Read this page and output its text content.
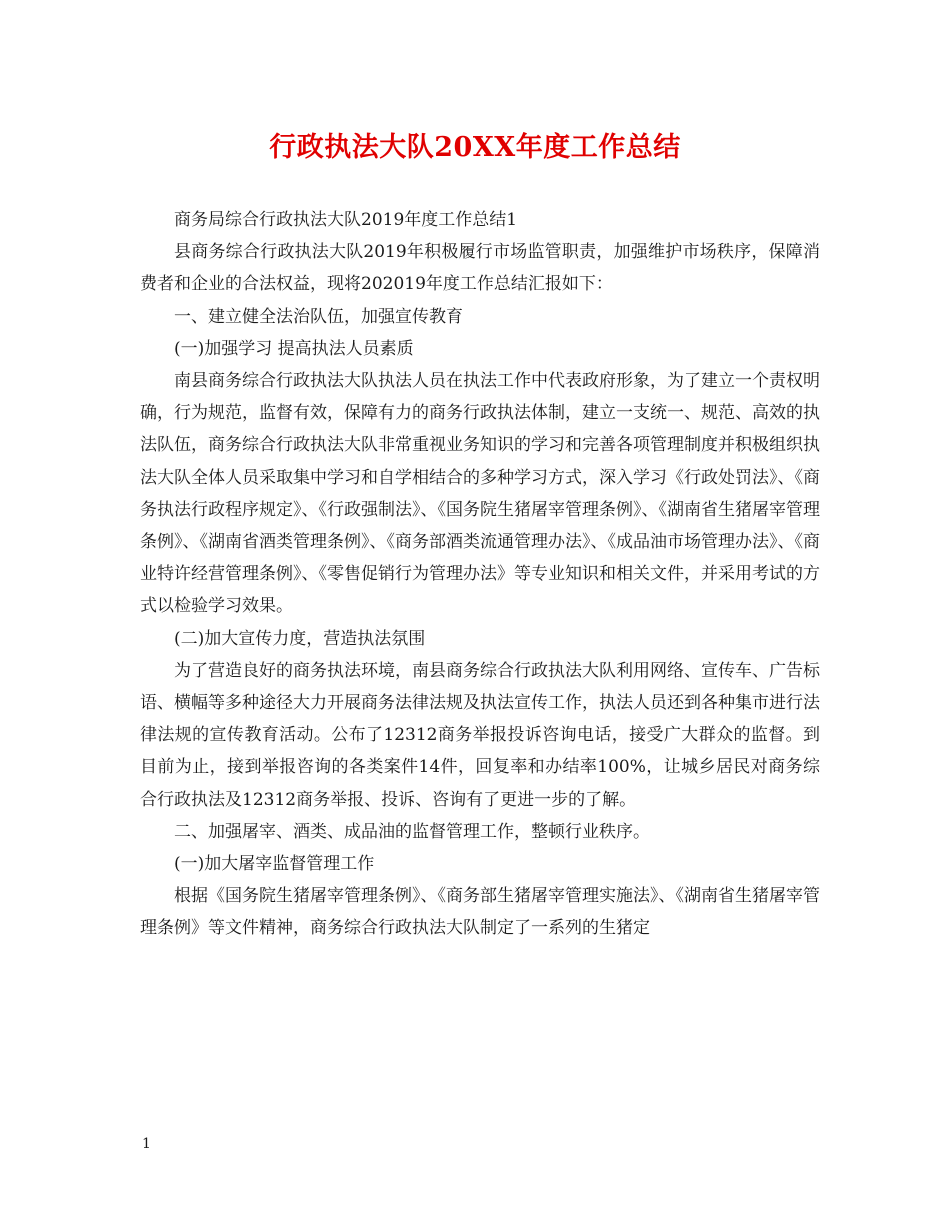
行政执法大队20XX年度工作总结

商务局综合行政执法大队2019年度工作总结1

县商务综合行政执法大队2019年积极履行市场监管职责，加强维护市场秩序，保障消费者和企业的合法权益，现将202019年度工作总结汇报如下：

一、建立健全法治队伍，加强宣传教育

(一)加强学习 提高执法人员素质

南县商务综合行政执法大队执法人员在执法工作中代表政府形象，为了建立一个责权明确，行为规范，监督有效，保障有力的商务行政执法体制，建立一支统一、规范、高效的执法队伍，商务综合行政执法大队非常重视业务知识的学习和完善各项管理制度并积极组织执法大队全体人员采取集中学习和自学相结合的多种学习方式，深入学习《行政处罚法》、《商务执法行政程序规定》、《行政强制法》、《国务院生猪屠宰管理条例》、《湖南省生猪屠宰管理条例》、《湖南省酒类管理条例》、《商务部酒类流通管理办法》、《成品油市场管理办法》、《商业特许经营管理条例》、《零售促销行为管理办法》等专业知识和相关文件，并采用考试的方式以检验学习效果。

(二)加大宣传力度，营造执法氛围

为了营造良好的商务执法环境，南县商务综合行政执法大队利用网络、宣传车、广告标语、横幅等多种途径大力开展商务法律法规及执法宣传工作，执法人员还到各种集市进行法律法规的宣传教育活动。公布了12312商务举报投诉咨询电话，接受广大群众的监督。到目前为止，接到举报咨询的各类案件14件，回复率和办结率100%，让城乡居民对商务综合行政执法及12312商务举报、投诉、咨询有了更进一步的了解。

二、加强屠宰、酒类、成品油的监督管理工作，整顿行业秩序。

(一)加大屠宰监督管理工作

根据《国务院生猪屠宰管理条例》、《商务部生猪屠宰管理实施法》、《湖南省生猪屠宰管理条例》等文件精神，商务综合行政执法大队制定了一系列的生猪定

1
